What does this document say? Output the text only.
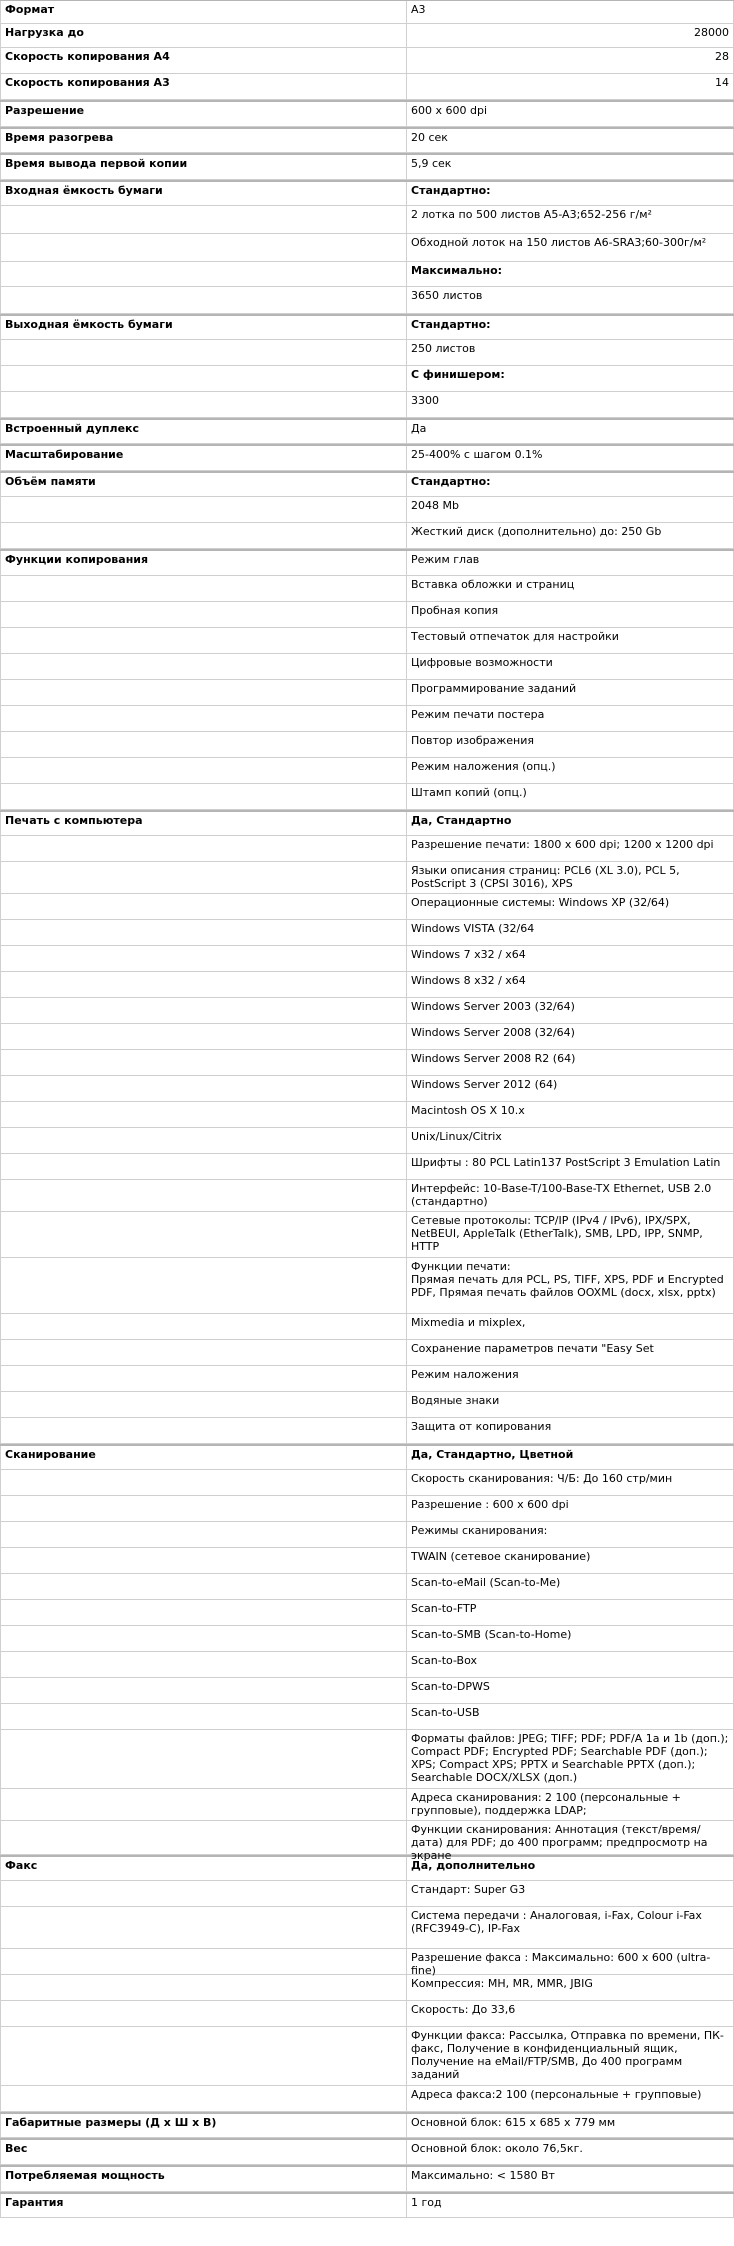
Формат	A3
Нагрузка до	28000
Скорость копирования А4	28
Скорость копирования А3	14
Разрешение	600 x 600 dpi
Время разогрева	20 сек
Время вывода первой копии	5,9 сек
Входная ёмкость бумаги	Стандартно:
2 лотка по 500 листов A5-A3;652-256 г/м²
Обходной лоток на 150 листов A6-SRA3;60-300г/м²
Максимально:
3650 листов
Выходная ёмкость бумаги	Стандартно:
250 листов
С финишером:
3300
Встроенный дуплекс	Да
Масштабирование	25-400% с шагом 0.1%
Объём памяти	Стандартно:
2048 Mb
Жесткий диск (дополнительно) до: 250 Gb
Функции копирования	Режим глав
Вставка обложки и страниц
Пробная копия
Тестовый отпечаток для настройки
Цифровые возможности
Программирование заданий
Режим печати постера
Повтор изображения
Режим наложения (опц.)
Штамп копий (опц.)
Печать с компьютера	Да, Стандартно
Разрешение печати: 1800 x 600 dpi; 1200 x 1200 dpi
Языки описания страниц: PCL6 (XL 3.0), PCL 5, PostScript 3 (CPSI 3016), XPS
Операционные системы: Windows XP (32/64)
Windows VISTA (32/64
Windows 7 x32 / x64
Windows 8 x32 / x64
Windows Server 2003 (32/64)
Windows Server 2008 (32/64)
Windows Server 2008 R2 (64)
Windows Server 2012 (64)
Macintosh OS X 10.x
Unix/Linux/Citrix
Шрифты : 80 PCL Latin137 PostScript 3 Emulation Latin
Интерфейс: 10-Base-T/100-Base-TX Ethernet, USB 2.0 (стандартно)
Сетевые протоколы: TCP/IP (IPv4 / IPv6), IPX/SPX, NetBEUI, AppleTalk (EtherTalk), SMB, LPD, IPP, SNMP, HTTP
Функции печати:
Прямая печать для PCL, PS, TIFF, XPS, PDF и Encrypted PDF, Прямая печать файлов OOXML (docx, xlsx, pptx)
Mixmedia и mixplex,
Сохранение параметров печати "Easy Set
Режим наложения
Водяные знаки
Защита от копирования
Сканирование	Да, Стандартно, Цветной
Скорость сканирования: Ч/Б: До 160 стр/мин
Разрешение : 600 x 600 dpi
Режимы сканирования:
TWAIN (сетевое сканирование)
Scan-to-eMail (Scan-to-Me)
Scan-to-FTP
Scan-to-SMB (Scan-to-Home)
Scan-to-Box
Scan-to-DPWS
Scan-to-USB
Форматы файлов: JPEG; TIFF; PDF; PDF/A 1a и 1b (доп.); Compact PDF; Encrypted PDF; Searchable PDF (доп.); XPS; Compact XPS; PPTX и Searchable PPTX (доп.); Searchable DOCX/XLSX (доп.)
Адреса сканирования: 2 100 (персональные + групповые), поддержка LDAP;
Функции сканирования: Аннотация (текст/время/дата) для PDF; до 400 программ; предпросмотр на экране
Факс	Да, дополнительно
Стандарт: Super G3
Система передачи : Аналоговая, i-Fax, Colour i-Fax (RFC3949-C), IP-Fax
Разрешение факса : Максимально: 600 x 600 (ultra-fine)
Компрессия: MH, MR, MMR, JBIG
Скорость: До 33,6
Функции факса: Рассылка, Отправка по времени, ПК-факс, Получение в конфиденциальный ящик, Получение на eMail/FTP/SMB, До 400 программ заданий
Адреса факса:2 100 (персональные + групповые)
Габаритные размеры (Д х Ш х В)	Основной блок: 615 x 685 x 779 мм
Вес	Основной блок: около 76,5кг.
Потребляемая мощность	Максимально: < 1580 Вт
Гарантия	1 год
